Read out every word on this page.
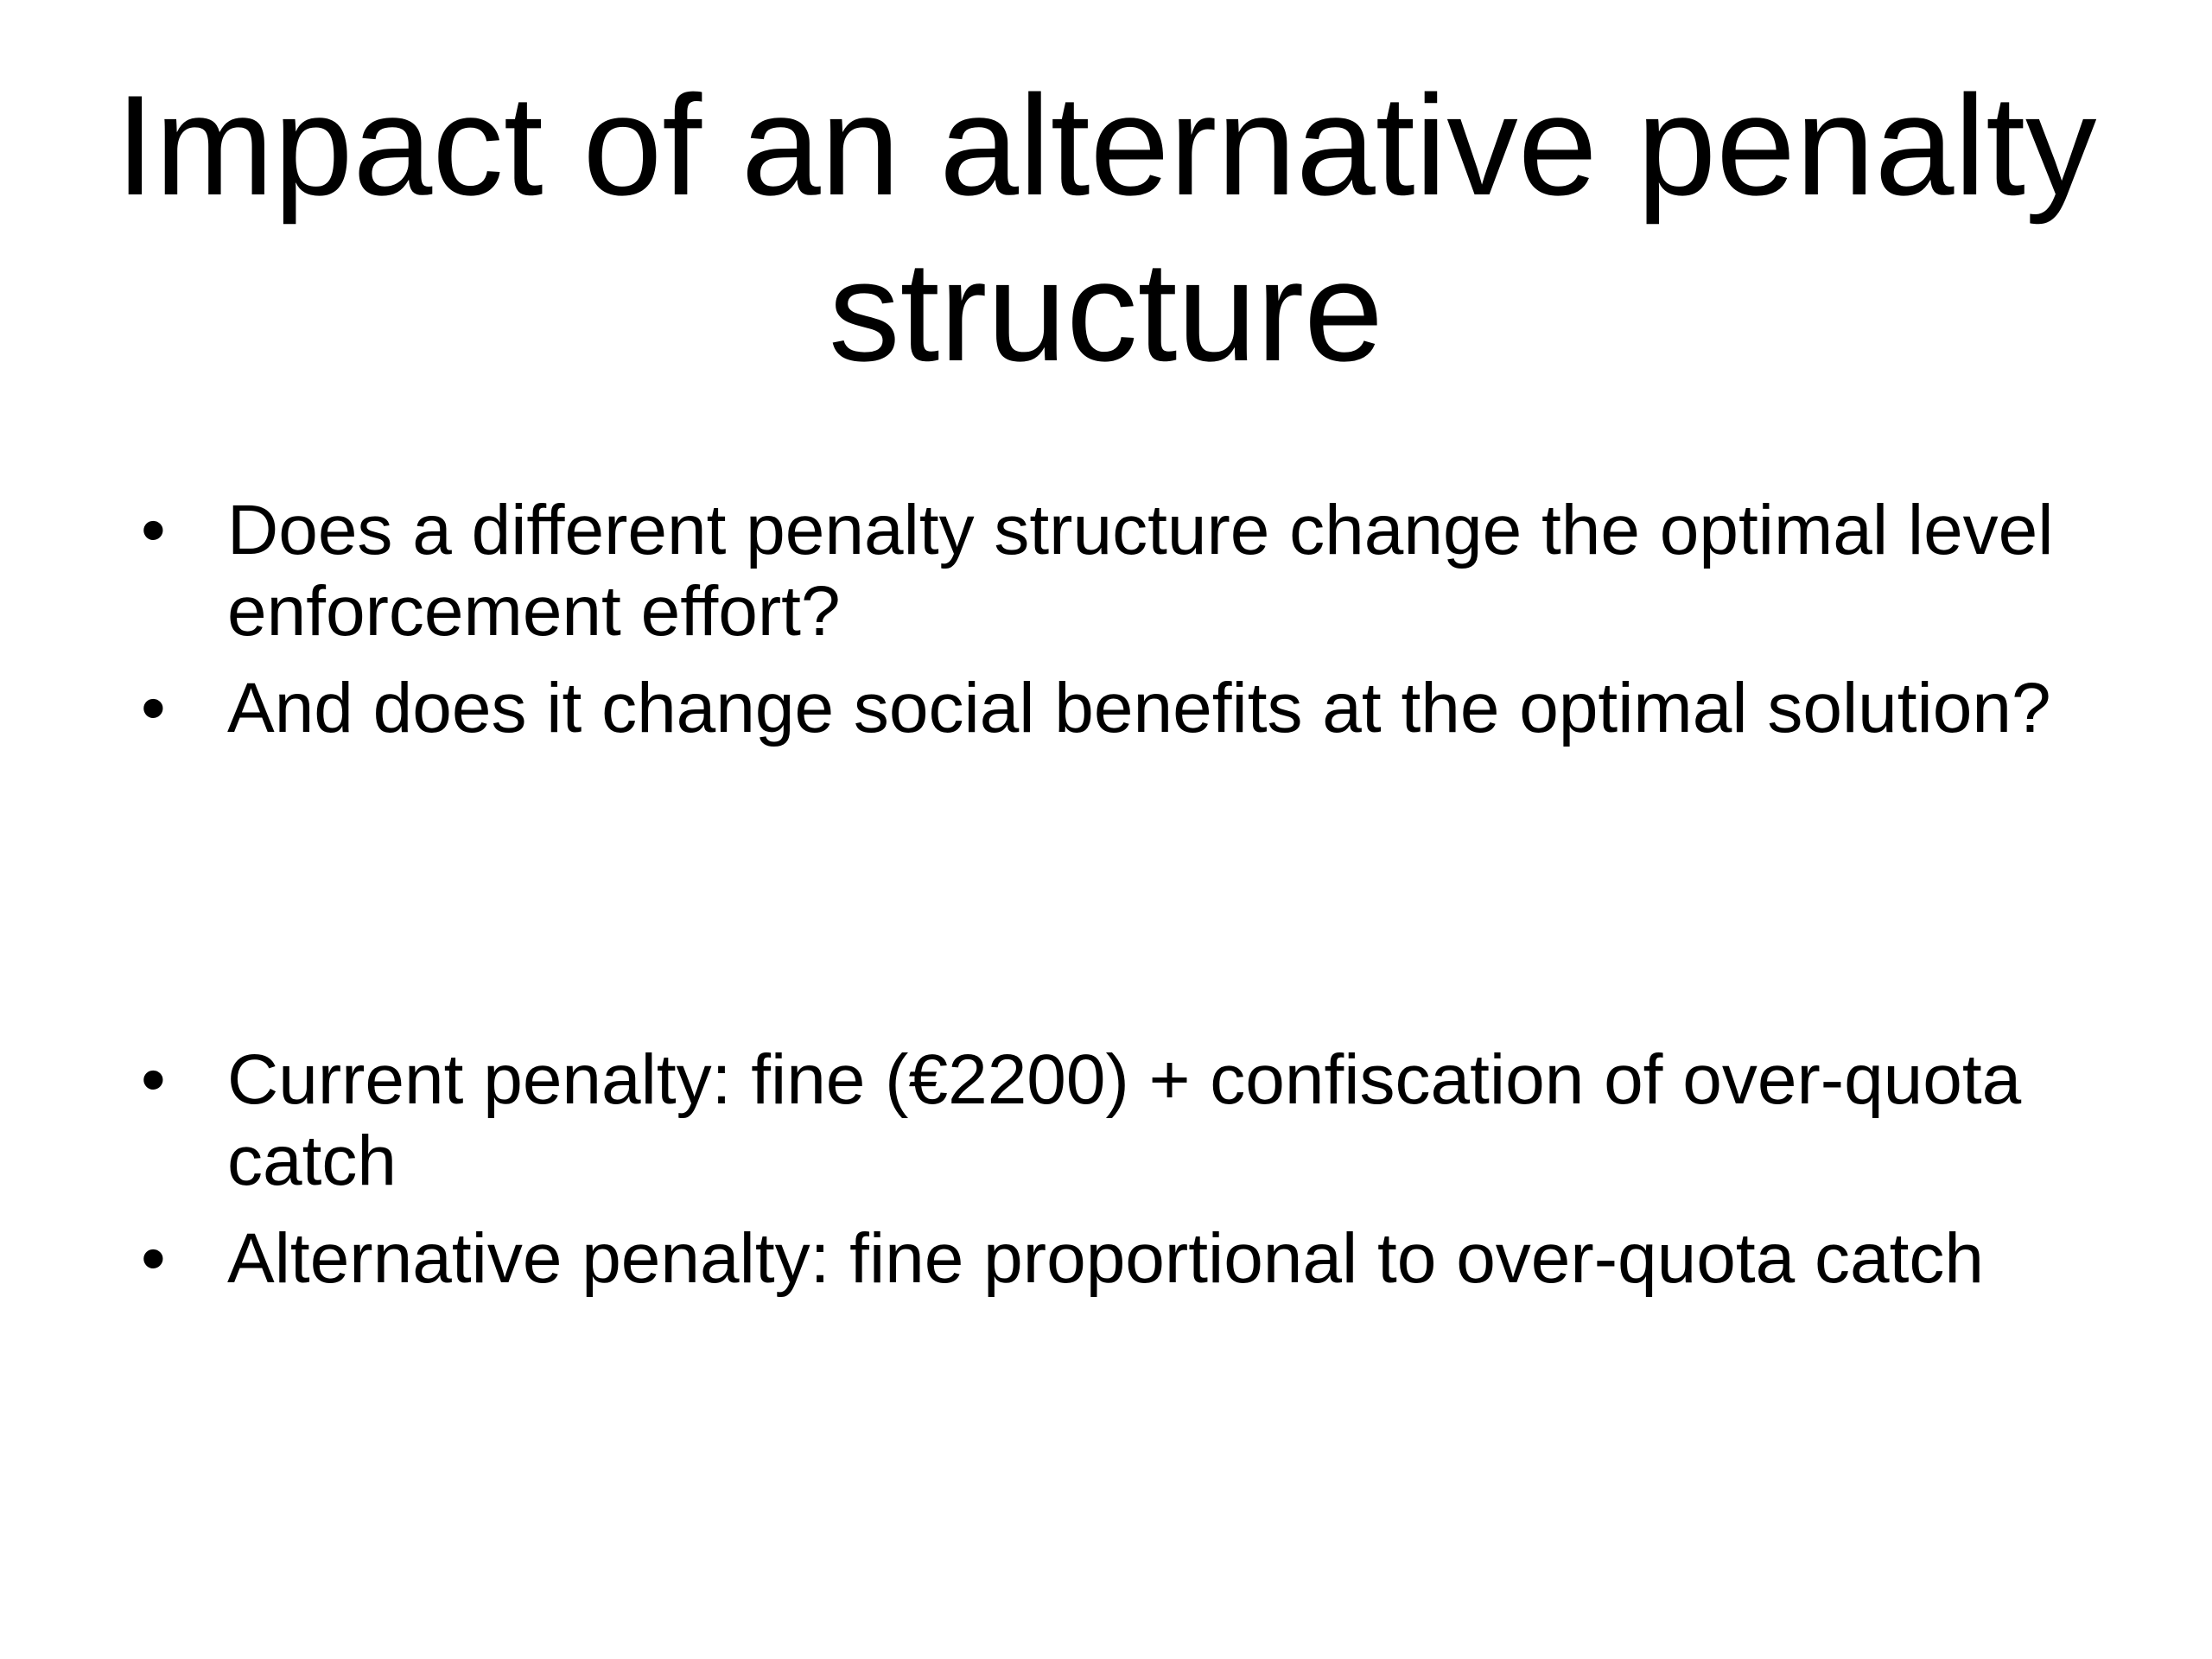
Impact of an alternative penalty structure
• Does a different penalty structure change the optimal level enforcement effort?
• And does it change social benefits at the optimal solution?
• Current penalty: fine (€2200) + confiscation of over-quota catch
• Alternative penalty: fine proportional to over-quota catch
